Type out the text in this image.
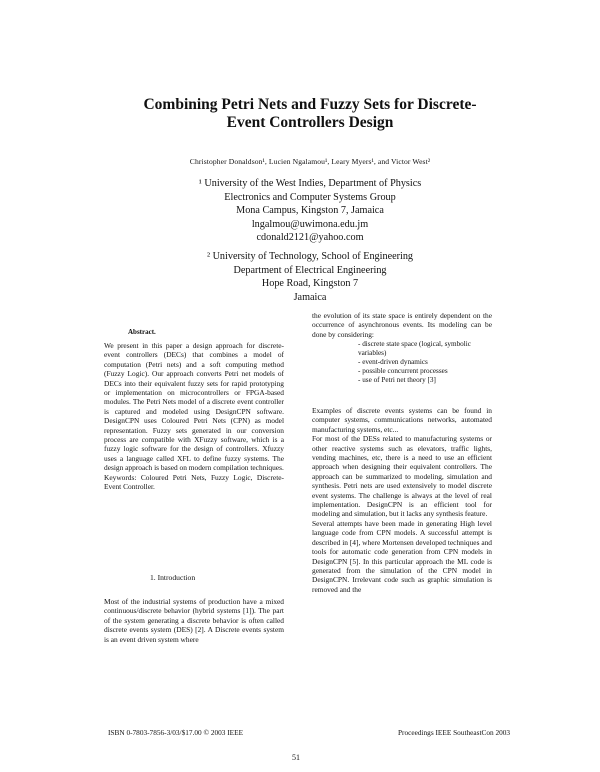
Combining Petri Nets and Fuzzy Sets for Discrete-
Event Controllers Design
Christopher Donaldson¹, Lucien Ngalamou¹, Leary Myers¹, and Victor West²
¹ University of the West Indies, Department of Physics
Electronics and Computer Systems Group
Mona Campus, Kingston 7, Jamaica
lngalmou@uwimona.edu.jm
cdonald2121@yahoo.com
² University of Technology, School of Engineering
Department of Electrical Engineering
Hope Road, Kingston 7
Jamaica
Abstract.
We present in this paper a design approach for discrete-event controllers (DECs) that combines a model of computation (Petri nets) and a soft computing method (Fuzzy Logic). Our approach converts Petri net models of DECs into their equivalent fuzzy sets for rapid prototyping or implementation on microcontrollers or FPGA-based modules. The Petri Nets model of a discrete event controller is captured and modeled using DesignCPN software. DesignCPN uses Coloured Petri Nets (CPN) as model representation. Fuzzy sets generated in our conversion process are compatible with XFuzzy software, which is a fuzzy logic software for the design of controllers. Xfuzzy uses a language called XFL to define fuzzy systems. The design approach is based on modern compilation techniques.
Keywords: Coloured Petri Nets, Fuzzy Logic, Discrete-Event Controller.
1. Introduction
Most of the industrial systems of production have a mixed continuous/discrete behavior (hybrid systems [1]). The part of the system generating a discrete behavior is often called discrete events system (DES) [2]. A Discrete events system is an event driven system where
the evolution of its state space is entirely dependent on the occurrence of asynchronous events. Its modeling can be done by considering:
- discrete state space (logical, symbolic variables)
- event-driven dynamics
- possible concurrent processes
- use of Petri net theory [3]
Examples of discrete events systems can be found in computer systems, communications networks, automated manufacturing systems, etc...
For most of the DESs related to manufacturing systems or other reactive systems such as elevators, traffic lights, vending machines, etc, there is a need to use an efficient approach when designing their equivalent controllers. The approach can be summarized to modeling, simulation and synthesis. Petri nets are used extensively to model discrete event systems. The challenge is always at the level of real implementation. DesignCPN is an efficient tool for modeling and simulation, but it lacks any synthesis feature.
Several attempts have been made in generating High level language code from CPN models. A successful attempt is described in [4], where Mortensen developed techniques and tools for automatic code generation from CPN models in DesignCPN [5]. In this particular approach the ML code is generated from the simulation of the CPN model in DesignCPN. Irrelevant code such as graphic simulation is removed and the
ISBN 0-7803-7856-3/03/$17.00 © 2003 IEEE	Proceedings IEEE SoutheastCon 2003
51
